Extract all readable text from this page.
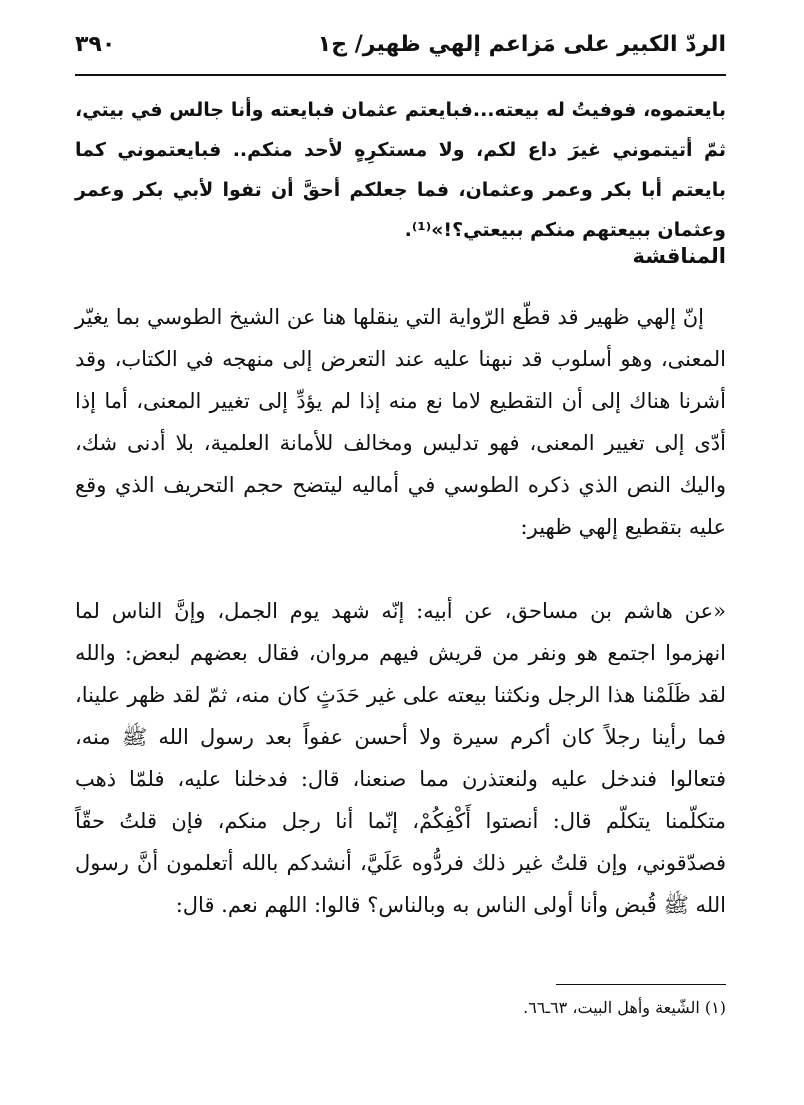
الردّ الكبير على مَزاعم إلهي ظهير/ ج١
٣٩٠
بايعتموه، فوفيتُ له بيعته...فبايعتم عثمان فبايعته وأنا جالس في بيتي، ثمّ أتيتموني غيرَ داع لكم، ولا مستكرِهٍ لأحد منكم.. فبايعتموني كما بايعتم أبا بكر وعمر وعثمان، فما جعلكم أحقَّ أن تفوا لأبي بكر وعمر وعثمان ببيعتهم منكم ببيعتي؟!»⁽¹⁾.
المناقشة
إنّ إلهي ظهير قد قطّع الرّواية التي ينقلها هنا عن الشيخ الطوسي بما يغيّر المعنى، وهو أسلوب قد نبهنا عليه عند التعرض إلى منهجه في الكتاب، وقد أشرنا هناك إلى أن التقطيع لاما نع منه إذا لم يؤدِّ إلى تغيير المعنى، أما إذا أدّى إلى تغيير المعنى، فهو تدليس ومخالف للأمانة العلمية، بلا أدنى شك، واليك النص الذي ذكره الطوسي في أماليه ليتضح حجم التحريف الذي وقع عليه بتقطيع إلهي ظهير:
«عن هاشم بن مساحق، عن أبيه: إنّه شهد يوم الجمل، وإنَّ الناس لما انهزموا اجتمع هو ونفر من قريش فيهم مروان، فقال بعضهم لبعض: والله لقد ظَلَمْنا هذا الرجل ونكثنا بيعته على غير حَدَثٍ كان منه، ثمّ لقد ظهر علينا، فما رأينا رجلاً كان أكرم سيرة ولا أحسن عفواً بعد رسول الله ﷺ منه، فتعالوا فندخل عليه ولنعتذرن مما صنعنا، قال: فدخلنا عليه، فلمّا ذهب متكلّمنا يتكلّم قال: أنصتوا أَكْفِكُمْ، إنّما أنا رجل منكم، فإن قلتُ حقّاً فصدّقوني، وإن قلتُ غير ذلك فردُّوه عَلَيَّ، أنشدكم بالله أتعلمون أنَّ رسول الله ﷺ قُبض وأنا أولى الناس به وبالناس؟ قالوا: اللهم نعم. قال:
(١) الشّيعة وأهل البيت، ٦٣ـ٦٦.
